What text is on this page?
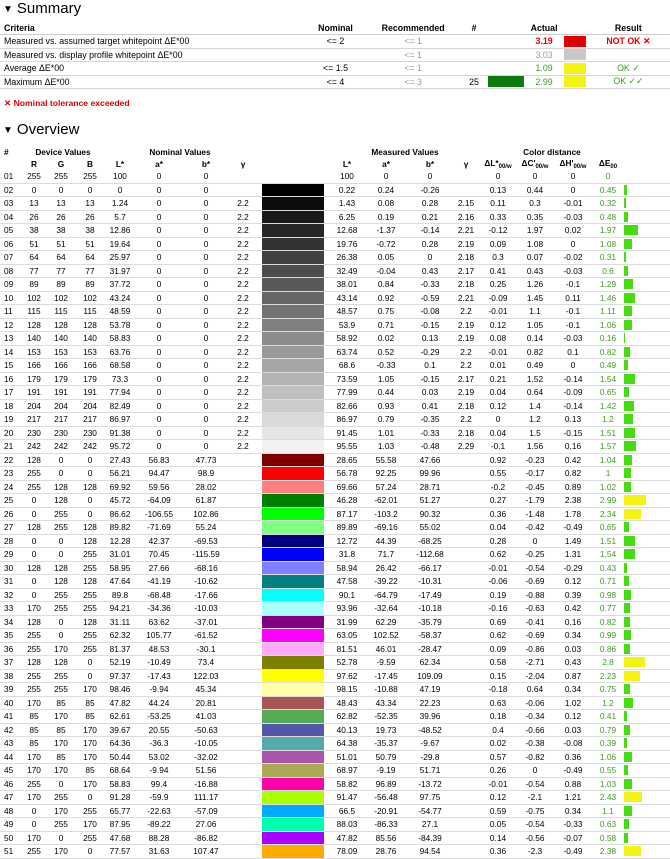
▼ Summary
Criteria	Nominal	Recommended	#		Actual		Result
Measured vs. assumed target whitepoint ΔE*00	<= 2	<= 1			3.19		NOT OK ✕
Measured vs. display profile whitepoint ΔE*00		<= 1			3.03		
Average ΔE*00	<= 1.5	<= 1			1.09		OK ✓
Maximum ΔE*00	<= 4	<= 3	25		2.99		OK ✓✓
✕ Nominal tolerance exceeded
▼ Overview
#	Device Values			Nominal Values					Measured Values				Color distance				
	R	G	B	L*	a*	b*	γ		L*	a*	b*	γ	$\Delta L*_{00/w}$	$\Delta C'_{00/w}$	$\Delta H'_{00/w}$	$\Delta E_{00}$	
01	255	255	255	100	0	0			100	0	0		0	0	0	0	
02	0	0	0	0	0	0			0.22	0.24	-0.26		0.13	0.44	0	0.45	

03	13	13	13	1.24	0	0	2.2		1.43	0.08	0.28	2.15	0.11	0.3	-0.01	0.32	

04	26	26	26	5.7	0	0	2.2		6.25	0.19	0.21	2.16	0.33	0.35	-0.03	0.48	

05	38	38	38	12.86	0	0	2.2		12.68	-1.37	-0.14	2.21	-0.12	1.97	0.02	1.97	

06	51	51	51	19.64	0	0	2.2		19.76	-0.72	0.28	2.19	0.09	1.08	0	1.08	

07	64	64	64	25.97	0	0	2.2		26.38	0.05	0	2.18	0.3	0.07	-0.02	0.31	

08	77	77	77	31.97	0	0	2.2		32.49	-0.04	0.43	2.17	0.41	0.43	-0.03	0.6	

09	89	89	89	37.72	0	0	2.2		38.01	0.84	-0.33	2.18	0.25	1.26	-0.1	1.29	

10	102	102	102	43.24	0	0	2.2		43.14	0.92	-0.59	2.21	-0.09	1.45	0.11	1.46	

11	115	115	115	48.59	0	0	2.2		48.57	0.75	-0.08	2.2	-0.01	1.1	-0.1	1.11	

12	128	128	128	53.78	0	0	2.2		53.9	0.71	-0.15	2.19	0.12	1.05	-0.1	1.06	

13	140	140	140	58.83	0	0	2.2		58.92	0.02	0.13	2.19	0.08	0.14	-0.03	0.16	

14	153	153	153	63.76	0	0	2.2		63.74	0.52	-0.29	2.2	-0.01	0.82	0.1	0.82	

15	166	166	166	68.58	0	0	2.2		68.6	-0.33	0.1	2.2	0.01	0.49	0	0.49	

16	179	179	179	73.3	0	0	2.2		73.59	1.05	-0.15	2.17	0.21	1.52	-0.14	1.54	

17	191	191	191	77.94	0	0	2.2		77.99	0.44	0.03	2.19	0.04	0.64	-0.09	0.65	

18	204	204	204	82.49	0	0	2.2		82.66	0.93	0.41	2.18	0.12	1.4	-0.14	1.42	

19	217	217	217	86.97	0	0	2.2		86.97	0.79	-0.35	2.2	0	1.2	0.13	1.2	

20	230	230	230	91.38	0	0	2.2		91.45	1.01	-0.33	2.18	0.04	1.5	-0.15	1.51	

21	242	242	242	95.72	0	0	2.2		95.55	1.03	-0.48	2.29	-0.1	1.56	0.16	1.57	

22	128	0	0	27.43	56.83	47.73			28.65	55.58	47.66		0.92	-0.23	0.42	1.04	

23	255	0	0	56.21	94.47	98.9			56.78	92.25	99.96		0.55	-0.17	0.82	1	

24	255	128	128	69.92	59.56	28.02			69.66	57.24	28.71		-0.2	-0.45	0.89	1.02	

25	0	128	0	45.72	-64.09	61.87			46.28	-62.01	51.27		0.27	-1.79	2.38	2.99	

26	0	255	0	86.62	-106.55	102.86			87.17	-103.2	90.32		0.36	-1.48	1.78	2.34	

27	128	255	128	89.82	-71.69	55.24			89.89	-69.16	55.02		0.04	-0.42	-0.49	0.65	

28	0	0	128	12.28	42.37	-69.53			12.72	44.39	-68.25		0.28	0	1.49	1.51	

29	0	0	255	31.01	70.45	-115.59			31.8	71.7	-112.68		0.62	-0.25	1.31	1.54	

30	128	128	255	58.95	27.66	-68.16			58.94	26.42	-66.17		-0.01	-0.54	-0.29	0.43	

31	0	128	128	47.64	-41.19	-10.62			47.58	-39.22	-10.31		-0.06	-0.69	0.12	0.71	

32	0	255	255	89.8	-68.48	-17.66			90.1	-64.79	-17.49		0.19	-0.88	0.39	0.98	

33	170	255	255	94.21	-34.36	-10.03			93.96	-32.64	-10.18		-0.16	-0.63	0.42	0.77	

34	128	0	128	31.11	63.62	-37.01			31.99	62.29	-35.79		0.69	-0.41	0.16	0.82	

35	255	0	255	62.32	105.77	-61.52			63.05	102.52	-58.37		0.62	-0.69	0.34	0.99	

36	255	170	255	81.37	48.53	-30.1			81.51	46.01	-28.47		0.09	-0.86	0.03	0.86	

37	128	128	0	52.19	-10.49	73.4			52.78	-9.59	62.34		0.58	-2.71	0.43	2.8	

38	255	255	0	97.37	-17.43	122.03			97.62	-17.45	109.09		0.15	-2.04	0.87	2.23	

39	255	255	170	98.46	-9.94	45.34			98.15	-10.88	47.19		-0.18	0.64	0.34	0.75	

40	170	85	85	47.82	44.24	20.81			48.43	43.34	22.23		0.63	-0.06	1.02	1.2	

41	85	170	85	62.61	-53.25	41.03			62.82	-52.35	39.96		0.18	-0.34	0.12	0.41	

42	85	85	170	39.67	20.55	-50.63			40.13	19.73	-48.52		0.4	-0.66	0.03	0.79	

43	85	170	170	64.36	-36.3	-10.05			64.38	-35.37	-9.67		0.02	-0.38	-0.08	0.39	

44	170	85	170	50.44	53.02	-32.02			51.01	50.79	-29.8		0.57	-0.82	0.36	1.06	

45	170	170	85	68.64	-9.94	51.56			68.97	-9.19	51.71		0.26	0	-0.49	0.55	

46	255	0	170	58.83	99.4	-16.88			58.82	96.89	-13.72		-0.01	-0.54	0.88	1.03	

47	170	255	0	91.28	-59.9	111.17			91.47	-56.48	97.75		0.12	-2.1	1.21	2.43	

48	0	170	255	65.77	-22.63	-57.09			66.5	-20.91	-54.77		0.59	-0.75	0.34	1.1	

49	0	255	170	87.95	-89.22	27.06			88.03	-86.33	27.1		0.05	-0.54	-0.33	0.63	

50	170	0	255	47.68	88.28	-86.82			47.82	85.56	-84.39		0.14	-0.56	-0.07	0.58	

51	255	170	0	77.57	31.63	107.47			78.09	28.76	94.54		0.36	-2.3	-0.49	2.38	
